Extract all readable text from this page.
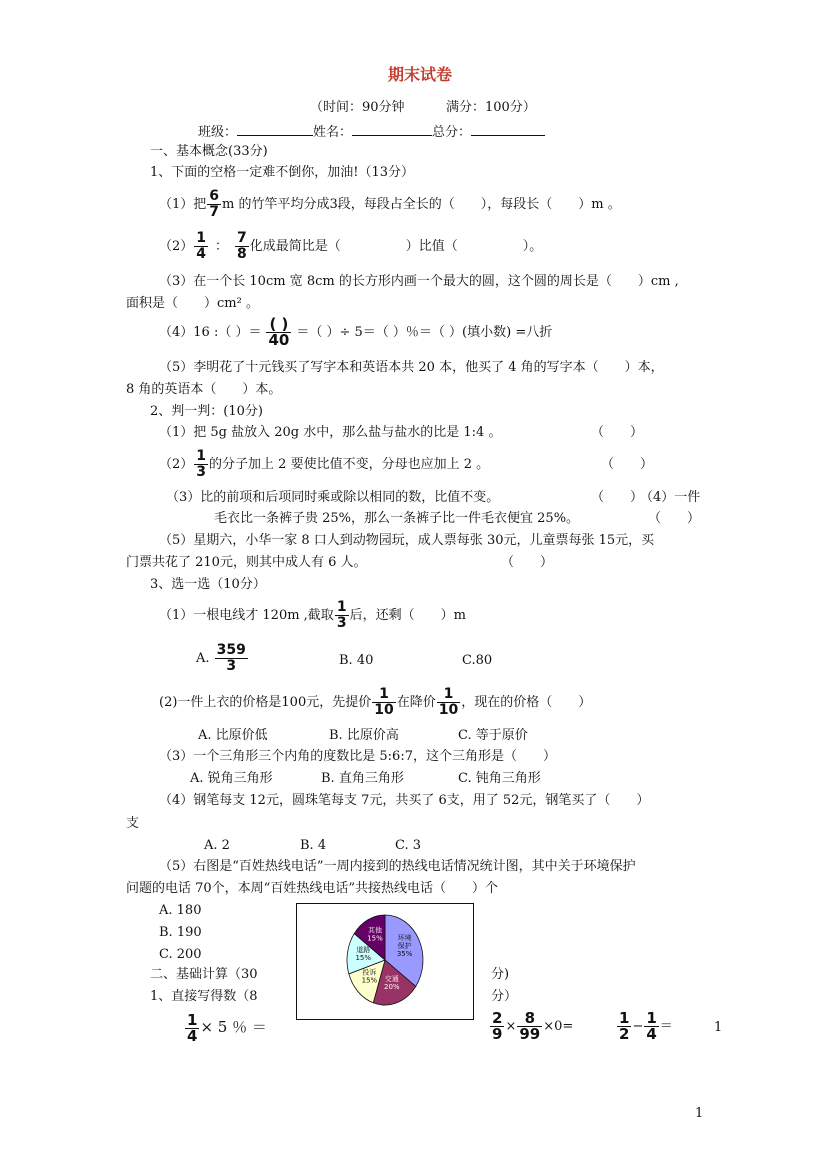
期末试卷
（时间：90分钟	满分：100分）
班级：	姓名：	总分：
一、基本概念(33分)
1、下面的空格一定难不倒你，加油!（13分）
（1）把 $\frac{6}{7}$ m 的竹竿平均分成3段，每段占全长的（　　），每段长（　　）m 。
$(2) \frac{1}{4}$ ： $\frac{7}{8}$ 化成最简比是（　　　　　）比值（　　　　　）。
（3）在一个长 10cm 宽 8cm 的长方形内画一个最大的圆，这个圆的周长是（　　）cm ,
面积是（　　）cm² 。
（4）16 :（ ）＝ $\frac{( )}{40}$ ＝（ ）÷ 5＝（ ）％＝（ ）(填小数) =八折
（5）李明花了十元钱买了写字本和英语本共 20 本，他买了 4 角的写字本（　　）本，
8 角的英语本（　　）本。
2、判一判：(10分)
（1）把 5g 盐放入 20g 水中，那么盐与盐水的比是 1:4 。	（　　）
$(2) \frac{1}{3}$ 的分子加上 2 要使比值不变，分母也应加上 2 。	（　　）
（3）比的前项和后项同时乘或除以相同的数，比值不变。	（　　）
（4）一件
毛衣比一条裤子贵 25%，那么一条裤子比一件毛衣便宜 25%。	（　　）
（5）星期六，小华一家 8 口人到动物园玩，成人票每张 30元，儿童票每张 15元，买
门票共花了 210元，则其中成人有 6 人。	（　　）
3、选一选（10分）
（1）一根电线才 120m ,截取 $\frac{1}{3}$ 后，还剩（　　）m
A. $\frac{359}{3}$	B. 40	C.80
(2)一件上衣的价格是100元，先提价 $\frac{1}{10}$ 在降价 $\frac{1}{10}$ ，现在的价格（　　）
A. 比原价低	B. 比原价高	C. 等于原价
（3）一个三角形三个内角的度数比是 5:6:7，这个三角形是（　　）
A. 锐角三角形	B. 直角三角形	C. 钝角三角形
（4）钢笔每支 12元，圆珠笔每支 7元，共买了 6支，用了 52元，钢笔买了（　　）
支
A. 2	B. 4	C. 3
（5）右图是“百姓热线电话”一周内接到的热线电话情况统计图，其中关于环境保护
问题的电话 70个，本周“百姓热线电话”共接热线电话（　　）个
A. 180
B. 190
C. 200
环境保护 35%
交通 20%
投诉 15%
道路 15%
其他 15%
二、基础计算（30	分)
1、直接写得数（8	分）
$\frac{1}{4} \times 5$ ％ ＝	$\frac{2}{9} \times \frac{8}{99} \times 0=$	$\frac{1}{2} - \frac{1}{4}$ ＝	1
1
